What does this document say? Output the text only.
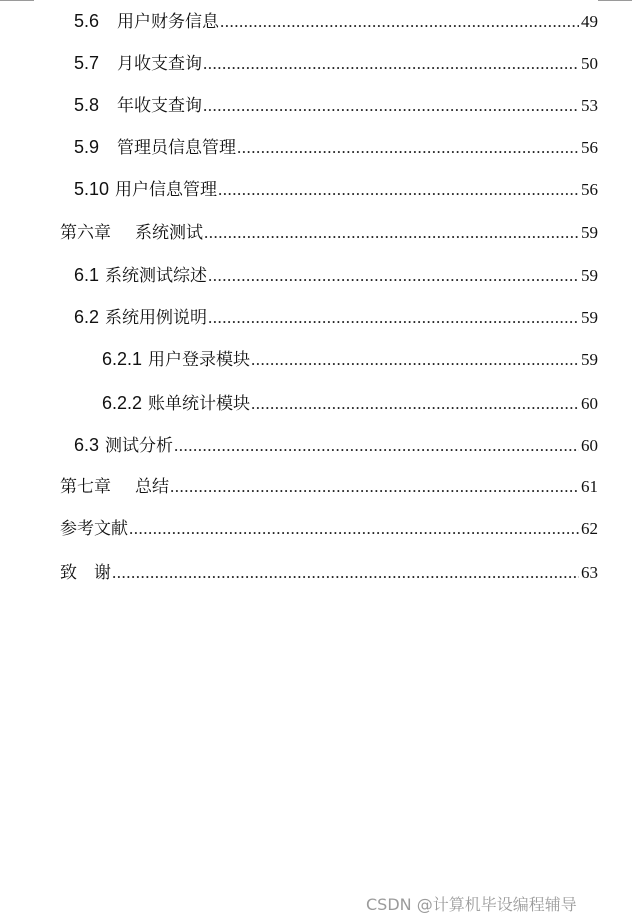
5.6 用户财务信息 .....	49
5.7 月收支查询 .....	50
5.8 年收支查询 .....	53
5.9 管理员信息管理 .....	56
5.10 用户信息管理 .....	56
第六章 系统测试 .....	59
6.1 系统测试综述 .....	59
6.2 系统用例说明 .....	59
6.2.1 用户登录模块 .....	59
6.2.2 账单统计模块 .....	60
6.3 测试分析 .....	60
第七章 总结 .....	61
参考文献 .....	62
致　谢 .....	63
CSDN @计算机毕设编程辅导
